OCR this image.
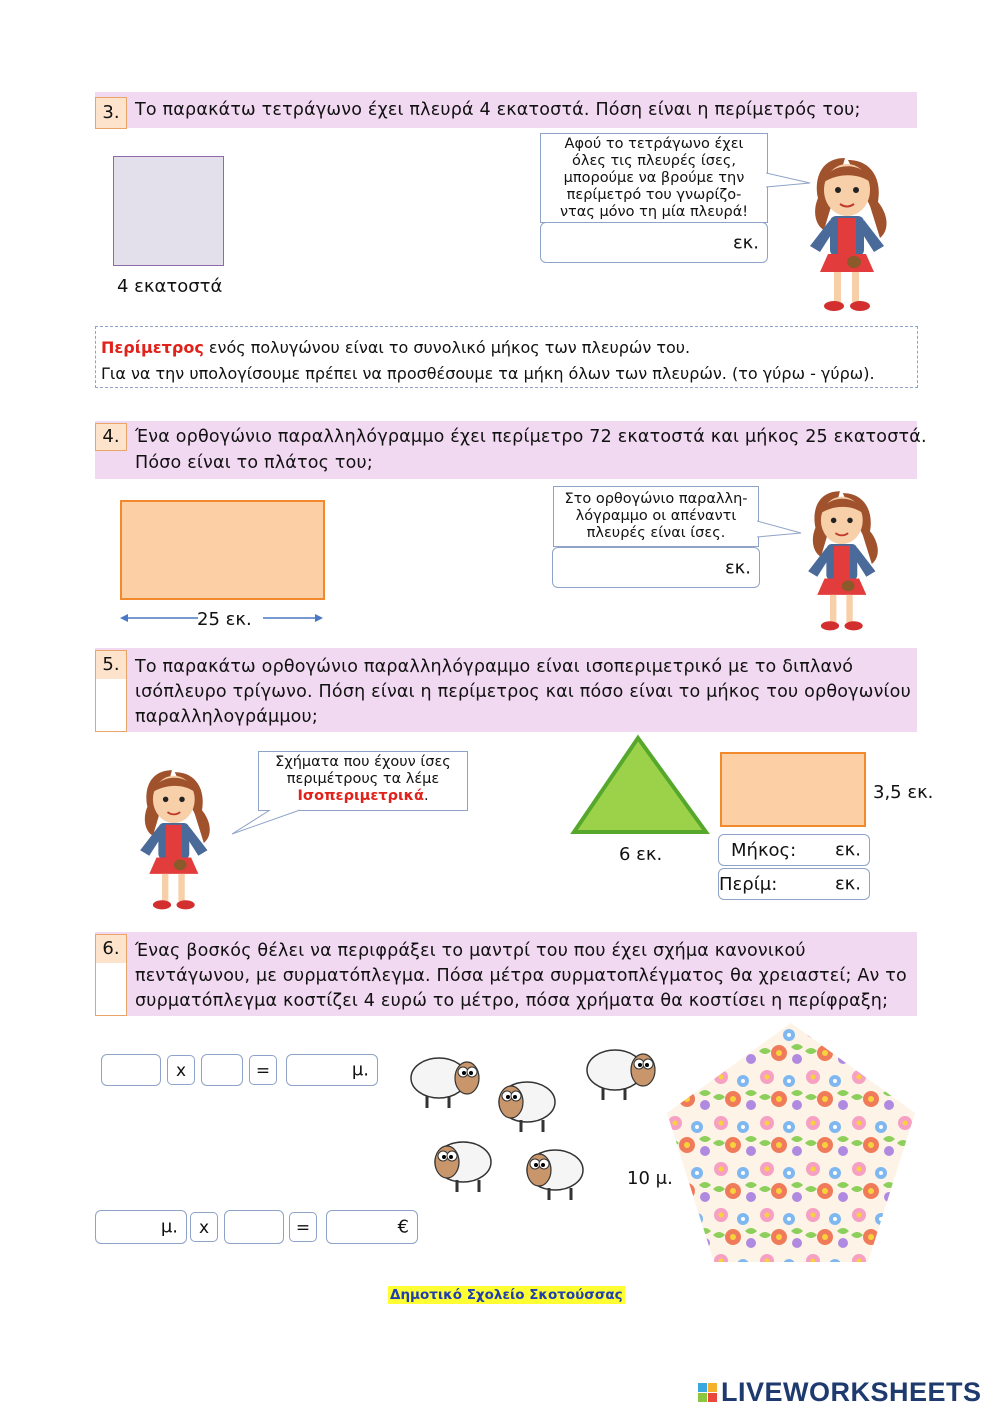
3. Το παρακάτω τετράγωνο έχει πλευρά 4 εκατοστά. Πόση είναι η περίμετρός του;
4 εκατοστά
Αφού το τετράγωνο έχει
όλες τις πλευρές ίσες,
μπορούμε να βρούμε την
περίμετρό του γνωρίζο-
ντας μόνο τη μία πλευρά!
εκ.
Περίμετρος ενός πολυγώνου είναι το συνολικό μήκος των πλευρών του.
Για να την υπολογίσουμε πρέπει να προσθέσουμε τα μήκη όλων των πλευρών. (το γύρω - γύρω).
4. Ένα ορθογώνιο παραλληλόγραμμο έχει περίμετρο 72 εκατοστά και μήκος 25 εκατοστά.
Πόσο είναι το πλάτος του;
25 εκ.
Στο ορθογώνιο παραλλη-
λόγραμμο οι απέναντι
πλευρές είναι ίσες.
εκ.
5. Το παρακάτω ορθογώνιο παραλληλόγραμμο είναι ισοπεριμετρικό με το διπλανό
ισόπλευρο τρίγωνο. Πόση είναι η περίμετρος και πόσο είναι το μήκος του ορθογωνίου
παραλληλογράμμου;
Σχήματα που έχουν ίσες
περιμέτρους τα λέμε
Ισοπεριμετρικά.
6 εκ.
3,5 εκ.
Μήκος: εκ.
Περίμ:	εκ.
6. Ένας βοσκός θέλει να περιφράξει το μαντρί του που έχει σχήμα κανονικού
πεντάγωνου, με συρματόπλεγμα. Πόσα μέτρα συρματοπλέγματος θα χρειαστεί; Αν το
συρματόπλεγμα κοστίζει 4 ευρώ το μέτρο, πόσα χρήματα θα κοστίσει η περίφραξη;
x	=	μ.
μ.	x	=	€
10 μ.
Δημοτικό Σχολείο Σκοτούσσας
LIVEWORKSHEETS
